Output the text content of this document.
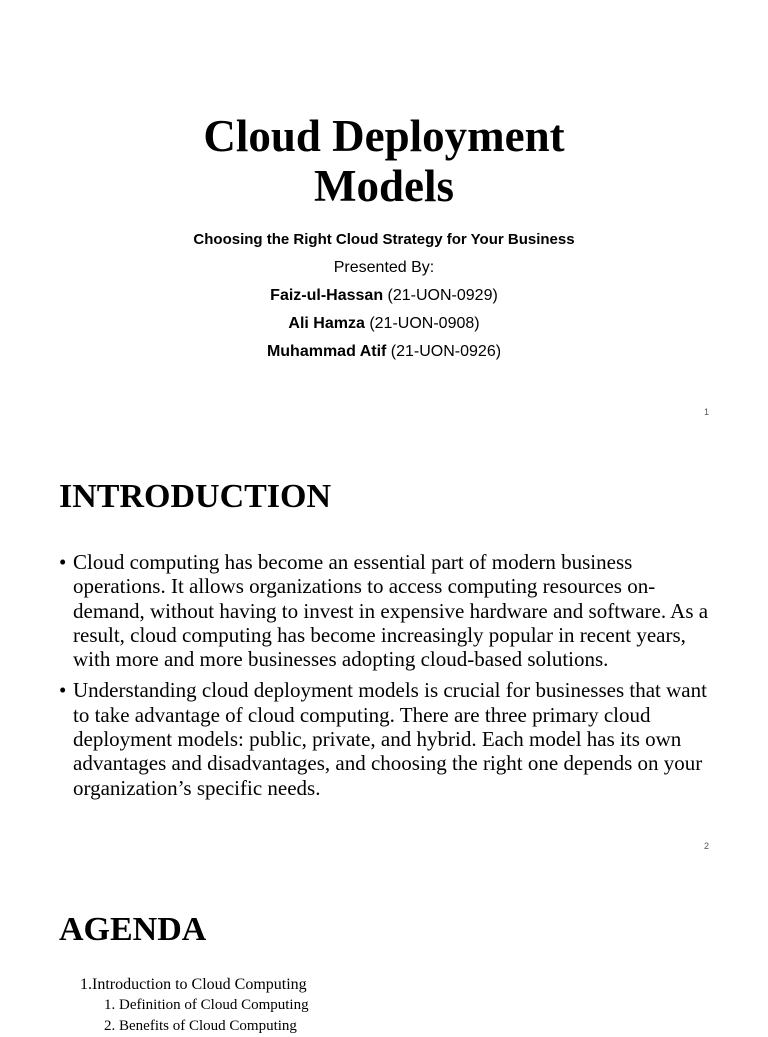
Cloud Deployment
Models
Choosing the Right Cloud Strategy for Your Business
Presented By:
Faiz-ul-Hassan (21-UON-0929)
Ali Hamza (21-UON-0908)
Muhammad Atif (21-UON-0926)
1
INTRODUCTION
• Cloud computing has become an essential part of modern business operations. It allows organizations to access computing resources on-demand, without having to invest in expensive hardware and software. As a result, cloud computing has become increasingly popular in recent years, with more and more businesses adopting cloud-based solutions.
• Understanding cloud deployment models is crucial for businesses that want to take advantage of cloud computing. There are three primary cloud deployment models: public, private, and hybrid. Each model has its own advantages and disadvantages, and choosing the right one depends on your organization’s specific needs.
2
AGENDA
1.Introduction to Cloud Computing
1. Definition of Cloud Computing
2. Benefits of Cloud Computing
